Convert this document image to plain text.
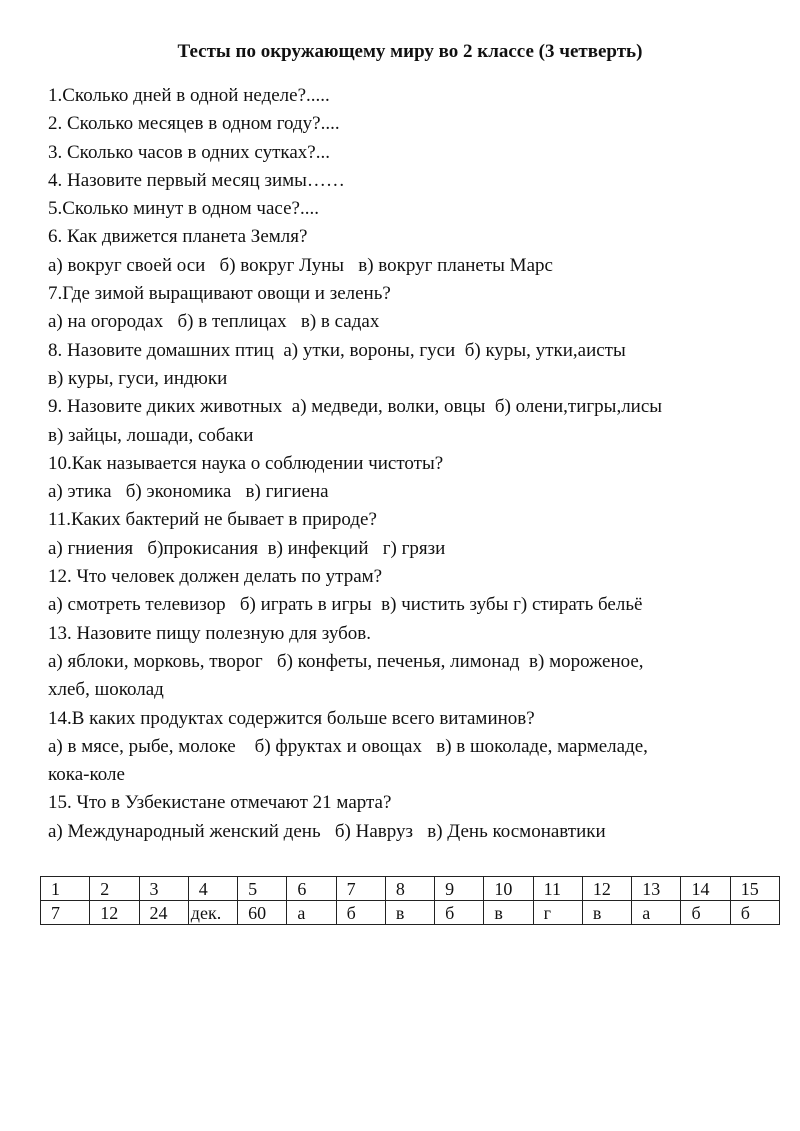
Тесты по окружающему миру во 2 классе (3 четверть)
1.Сколько дней в одной неделе?.....
2. Сколько месяцев в одном году?....
3. Сколько часов в одних сутках?...
4. Назовите первый месяц зимы……
5.Сколько минут в одном часе?....
6. Как движется планета Земля?
а) вокруг своей оси   б) вокруг Луны   в) вокруг планеты Марс
7.Где зимой выращивают овощи и зелень?
а) на огородах   б) в теплицах   в) в садах
8. Назовите домашних птиц  а) утки, вороны, гуси  б) куры, утки,аисты
в) куры, гуси, индюки
9. Назовите диких животных  а) медведи, волки, овцы  б) олени,тигры,лисы
в) зайцы, лошади, собаки
10.Как называется наука о соблюдении чистоты?
а) этика   б) экономика   в) гигиена
11.Каких бактерий не бывает в природе?
а) гниения   б)прокисания  в) инфекций   г) грязи
12. Что человек должен делать по утрам?
а) смотреть телевизор   б) играть в игры  в) чистить зубы г) стирать бельё
13. Назовите пищу полезную для зубов.
а) яблоки, морковь, творог   б) конфеты, печенья, лимонад  в) мороженое,
хлеб, шоколад
14.В каких продуктах содержится больше всего витаминов?
а) в мясе, рыбе, молоке    б) фруктах и овощах   в) в шоколаде, мармеладе,
кока-коле
15. Что в Узбекистане отмечают 21 марта?
а) Международный женский день   б) Навруз   в) День космонавтики
1	2	3	4	5	6	7	8	9	10	11	12	13	14	15
7	12	24	дек.	60	а	б	в	б	в	г	в	а	б	б
